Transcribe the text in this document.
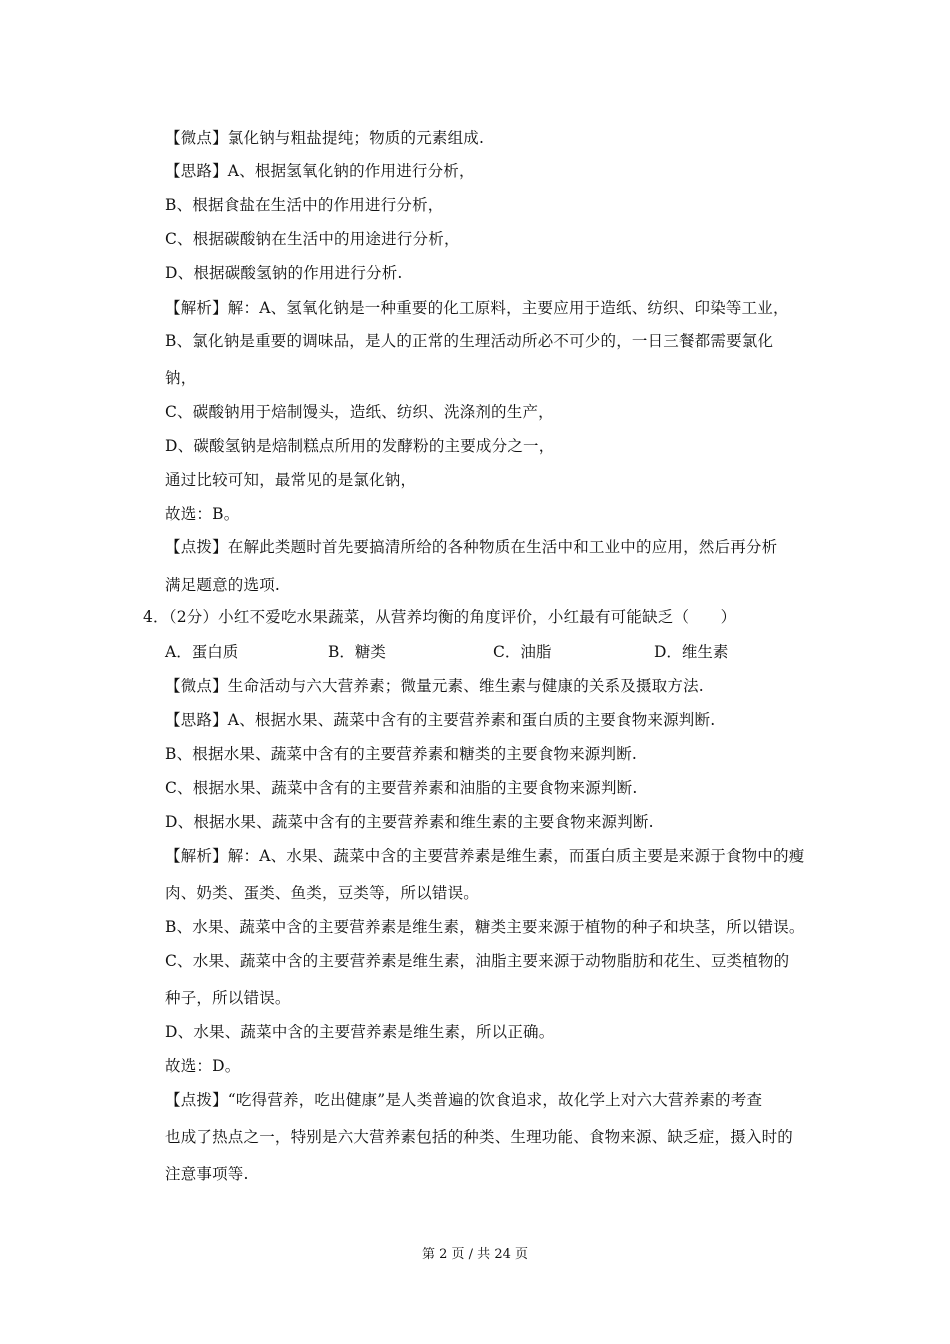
【微点】氯化钠与粗盐提纯；物质的元素组成.
【思路】A、根据氢氧化钠的作用进行分析，
B、根据食盐在生活中的作用进行分析，
C、根据碳酸钠在生活中的用途进行分析，
D、根据碳酸氢钠的作用进行分析.
【解析】解：A、氢氧化钠是一种重要的化工原料，主要应用于造纸、纺织、印染等工业，
B、氯化钠是重要的调味品，是人的正常的生理活动所必不可少的，一日三餐都需要氯化
钠，
C、碳酸钠用于焙制馒头，造纸、纺织、洗涤剂的生产，
D、碳酸氢钠是焙制糕点所用的发酵粉的主要成分之一，
通过比较可知，最常见的是氯化钠，
故选：B。
【点拨】在解此类题时首先要搞清所给的各种物质在生活中和工业中的应用，然后再分析
满足题意的选项.
4．（2分）小红不爱吃水果蔬菜，从营养均衡的角度评价，小红最有可能缺乏（　　）
A．蛋白质	B．糖类	C．油脂	D．维生素
【微点】生命活动与六大营养素；微量元素、维生素与健康的关系及摄取方法.
【思路】A、根据水果、蔬菜中含有的主要营养素和蛋白质的主要食物来源判断.
B、根据水果、蔬菜中含有的主要营养素和糖类的主要食物来源判断.
C、根据水果、蔬菜中含有的主要营养素和油脂的主要食物来源判断.
D、根据水果、蔬菜中含有的主要营养素和维生素的主要食物来源判断.
【解析】解：A、水果、蔬菜中含的主要营养素是维生素，而蛋白质主要是来源于食物中的瘦
肉、奶类、蛋类、鱼类，豆类等，所以错误。
B、水果、蔬菜中含的主要营养素是维生素，糖类主要来源于植物的种子和块茎，所以错误。
C、水果、蔬菜中含的主要营养素是维生素，油脂主要来源于动物脂肪和花生、豆类植物的
种子，所以错误。
D、水果、蔬菜中含的主要营养素是维生素，所以正确。
故选：D。
【点拨】“吃得营养，吃出健康”是人类普遍的饮食追求，故化学上对六大营养素的考查
也成了热点之一，特别是六大营养素包括的种类、生理功能、食物来源、缺乏症，摄入时的
注意事项等.
第 2 页 / 共 24 页
